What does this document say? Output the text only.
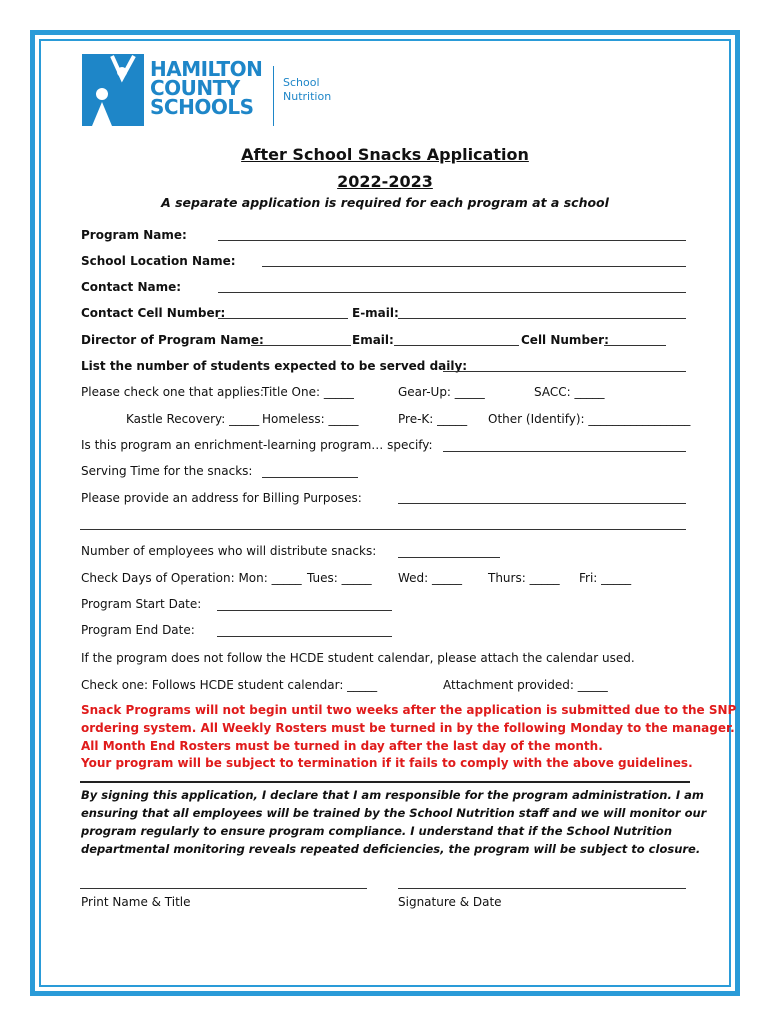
HAMILTON
COUNTY
SCHOOLS
School
Nutrition
After School Snacks Application
2022-2023
A separate application is required for each program at a school
Program Name:
School Location Name:
Contact Name:
Contact Cell Number:	E-mail:
Director of Program Name:	Email:	Cell Number:
List the number of students expected to be served daily:
Please check one that applies:
Title One: _____	Gear-Up: _____	SACC: _____
Kastle Recovery: _____ Homeless: _____	Pre-K: _____ Other (Identify): _________________
Is this program an enrichment-learning program… specify:
Serving Time for the snacks:
Please provide an address for Billing Purposes:
Number of employees who will distribute snacks:
Check Days of Operation: Mon: _____ Tues: _____ Wed: _____ Thurs: _____ Fri: _____
Program Start Date:
Program End Date:
If the program does not follow the HCDE student calendar, please attach the calendar used.
Check one: Follows HCDE student calendar: _____	Attachment provided: _____
Snack Programs will not begin until two weeks after the application is submitted due to the SNP
ordering system. All Weekly Rosters must be turned in by the following Monday to the manager.
All Month End Rosters must be turned in day after the last day of the month.
Your program will be subject to termination if it fails to comply with the above guidelines.
By signing this application, I declare that I am responsible for the program administration. I am
ensuring that all employees will be trained by the School Nutrition staff and we will monitor our
program regularly to ensure program compliance. I understand that if the School Nutrition
departmental monitoring reveals repeated deficiencies, the program will be subject to closure.
Print Name & Title	Signature & Date
